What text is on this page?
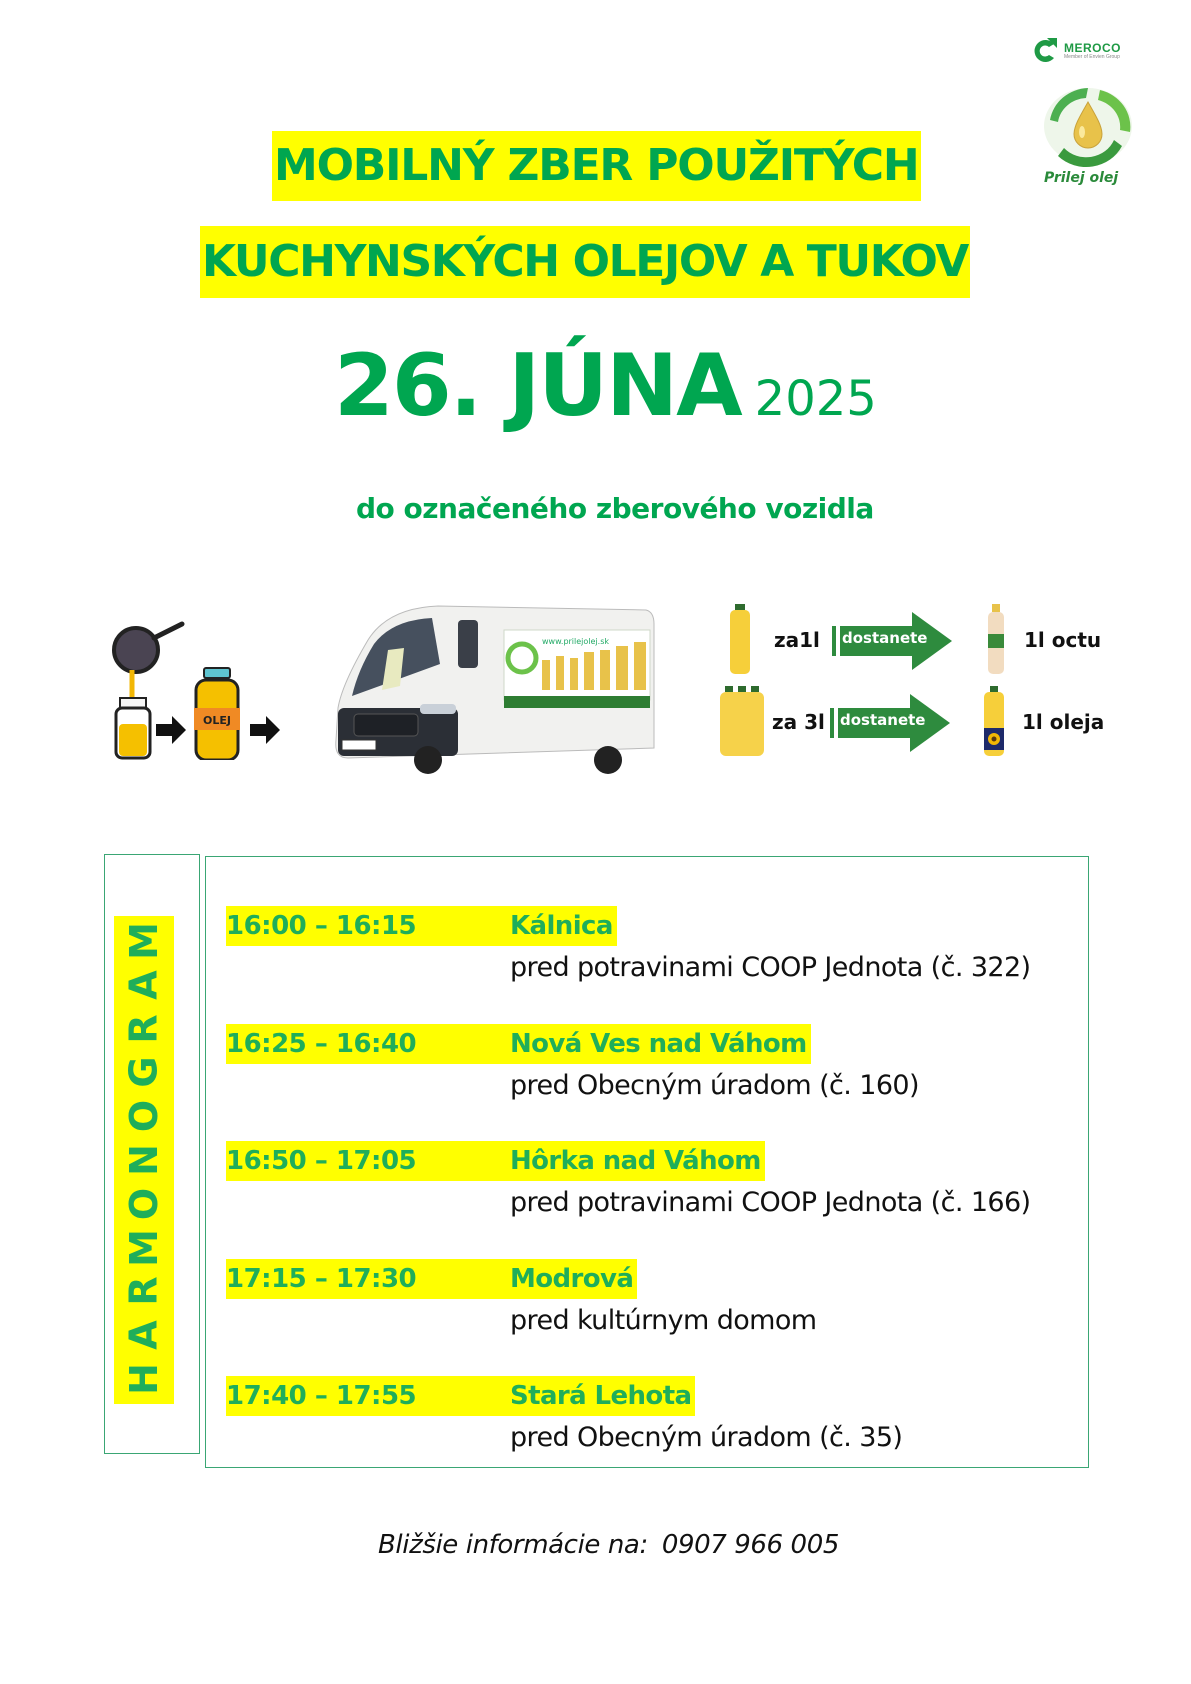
MEROCO
Member of Envien Group
Prilej olej
MOBILNÝ ZBER POUŽITÝCH
KUCHYNSKÝCH OLEJOV A TUKOV
26. JÚNA 2025
do označeného zberového vozidla
OLEJ
www.prilejolej.sk	za1l	dostanete	1l octu
za 3l dostanete	1l oleja
H
A
R
M
O
N
O
G
R
A
M 16:00 – 16:15	Kálnica
pred potravinami COOP Jednota (č. 322)
16:25 – 16:40	Nová Ves nad Váhom
pred Obecným úradom (č. 160)
16:50 – 17:05	Hôrka nad Váhom
pred potravinami COOP Jednota (č. 166)
17:15 – 17:30	Modrová
pred kultúrnym domom
17:40 – 17:55	Stará Lehota
pred Obecným úradom (č. 35)
Bližšie informácie na: 0907 966 005
